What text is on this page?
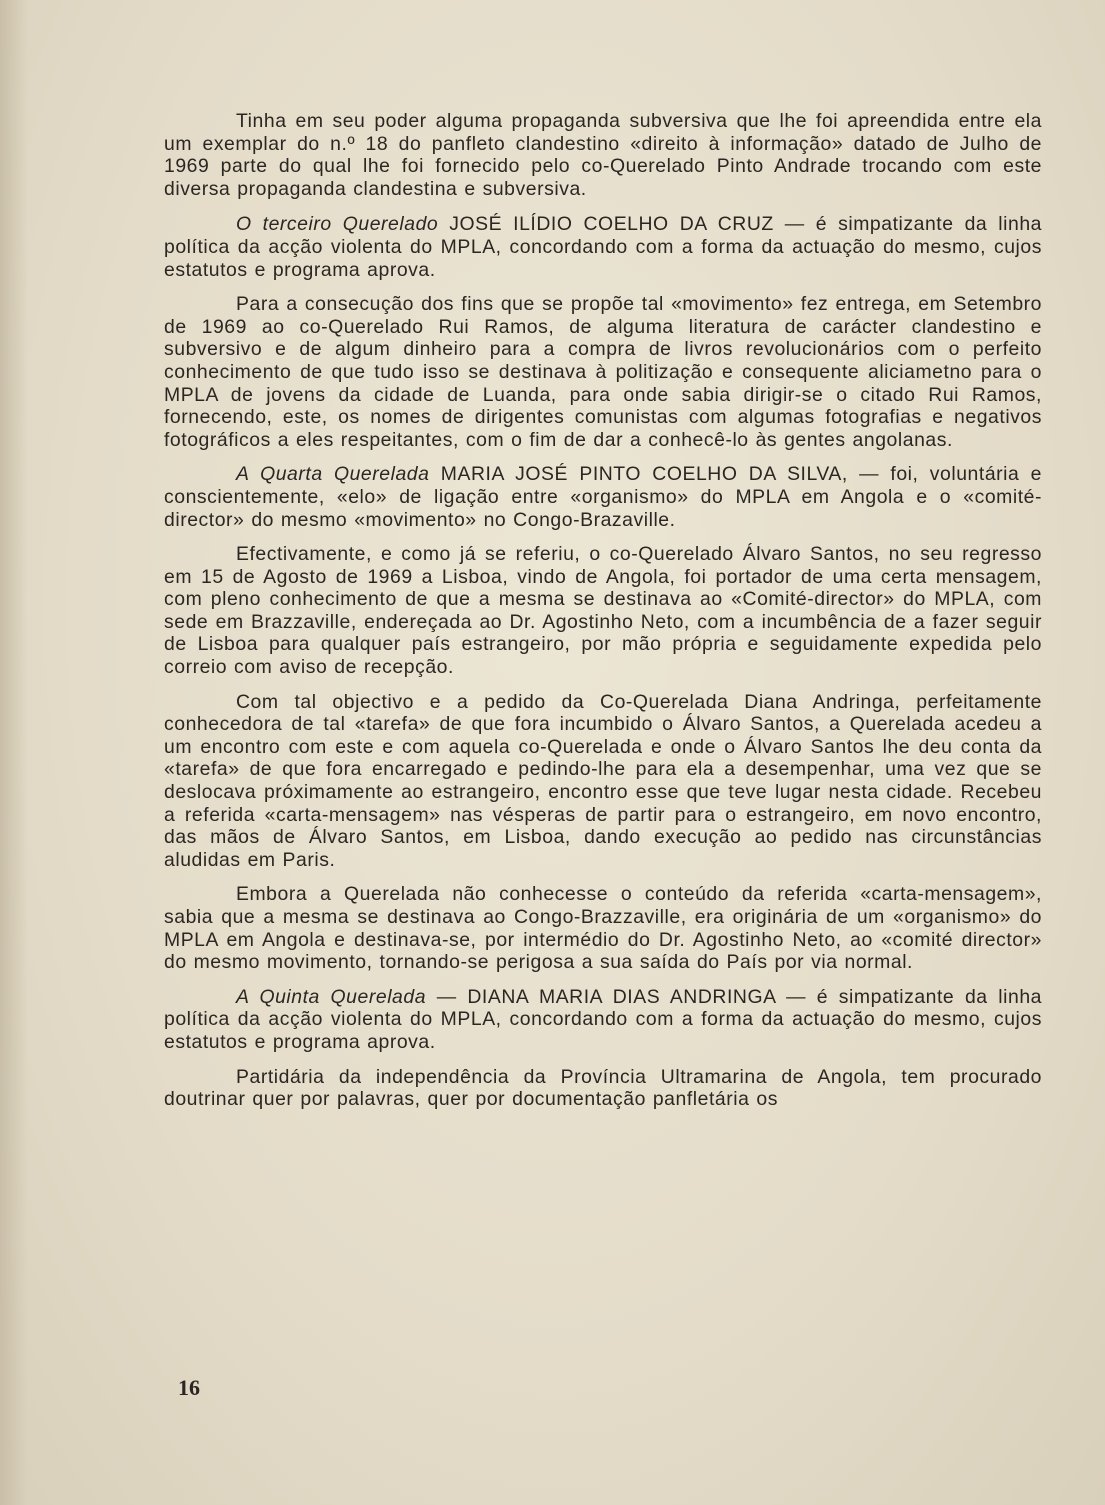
Tinha em seu poder alguma propaganda subversiva que lhe foi apreendida entre ela um exemplar do n.º 18 do panfleto clandestino «direito à informação» datado de Julho de 1969 parte do qual lhe foi fornecido pelo co-Querelado Pinto Andrade trocando com este diversa propaganda clandestina e subversiva.

O terceiro Querelado JOSÉ ILÍDIO COELHO DA CRUZ — é simpatizante da linha política da acção violenta do MPLA, concordando com a forma da actuação do mesmo, cujos estatutos e programa aprova.

Para a consecução dos fins que se propõe tal «movimento» fez entrega, em Setembro de 1969 ao co-Querelado Rui Ramos, de alguma literatura de carácter clandestino e subversivo e de algum dinheiro para a compra de livros revolucionários com o perfeito conhecimento de que tudo isso se destinava à politização e consequente aliciametno para o MPLA de jovens da cidade de Luanda, para onde sabia dirigir-se o citado Rui Ramos, fornecendo, este, os nomes de dirigentes comunistas com algumas fotografias e negativos fotográficos a eles respeitantes, com o fim de dar a conhecê-lo às gentes angolanas.

A Quarta Querelada MARIA JOSÉ PINTO COELHO DA SILVA, — foi, voluntária e conscientemente, «elo» de ligação entre «organismo» do MPLA em Angola e o «comité-director» do mesmo «movimento» no Congo-Brazaville.

Efectivamente, e como já se referiu, o co-Querelado Álvaro Santos, no seu regresso em 15 de Agosto de 1969 a Lisboa, vindo de Angola, foi portador de uma certa mensagem, com pleno conhecimento de que a mesma se destinava ao «Comité-director» do MPLA, com sede em Brazzaville, endereçada ao Dr. Agostinho Neto, com a incumbência de a fazer seguir de Lisboa para qualquer país estrangeiro, por mão própria e seguidamente expedida pelo correio com aviso de recepção.

Com tal objectivo e a pedido da Co-Querelada Diana Andringa, perfeitamente conhecedora de tal «tarefa» de que fora incumbido o Álvaro Santos, a Querelada acedeu a um encontro com este e com aquela co-Querelada e onde o Álvaro Santos lhe deu conta da «tarefa» de que fora encarregado e pedindo-lhe para ela a desempenhar, uma vez que se deslocava próximamente ao estrangeiro, encontro esse que teve lugar nesta cidade. Recebeu a referida «carta-mensagem» nas vésperas de partir para o estrangeiro, em novo encontro, das mãos de Álvaro Santos, em Lisboa, dando execução ao pedido nas circunstâncias aludidas em Paris.

Embora a Querelada não conhecesse o conteúdo da referida «carta-mensagem», sabia que a mesma se destinava ao Congo-Brazzaville, era originária de um «organismo» do MPLA em Angola e destinava-se, por intermédio do Dr. Agostinho Neto, ao «comité director» do mesmo movimento, tornando-se perigosa a sua saída do País por via normal.

A Quinta Querelada — DIANA MARIA DIAS ANDRINGA — é simpatizante da linha política da acção violenta do MPLA, concordando com a forma da actuação do mesmo, cujos estatutos e programa aprova.

Partidária da independência da Província Ultramarina de Angola, tem procurado doutrinar quer por palavras, quer por documentação panfletária os

16
